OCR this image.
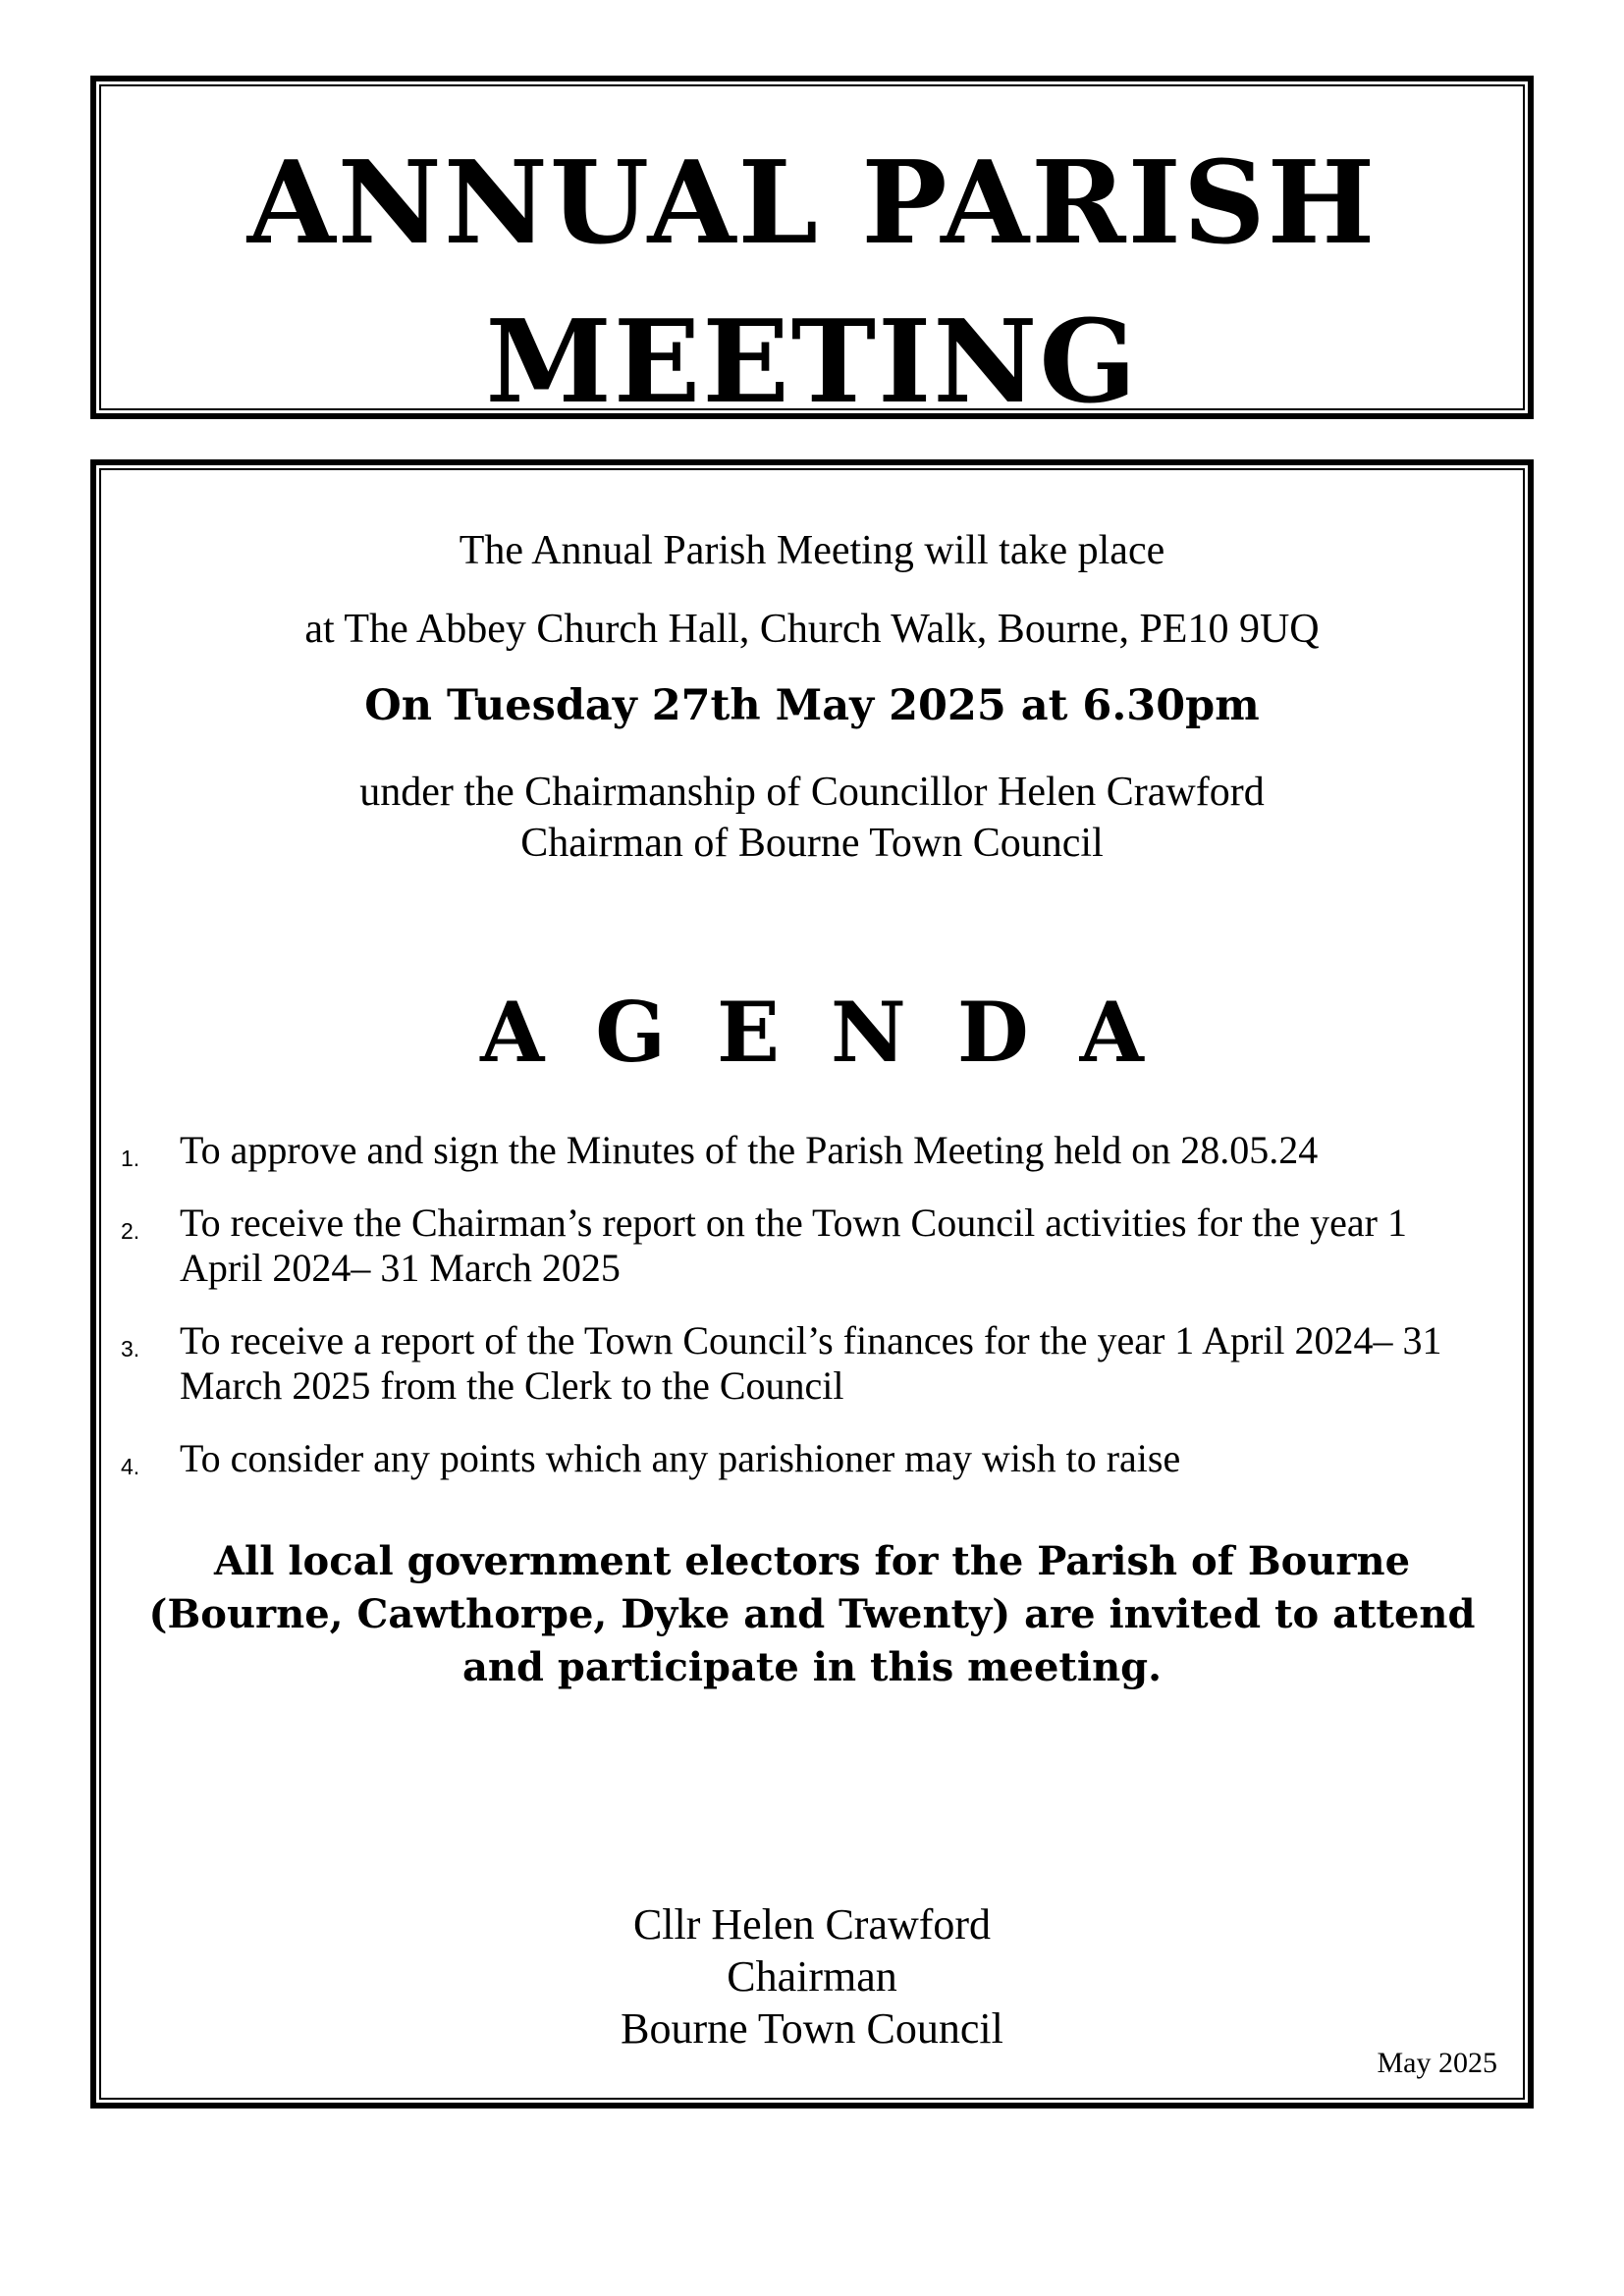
ANNUAL PARISH
MEETING
The Annual Parish Meeting will take place
at The Abbey Church Hall, Church Walk, Bourne, PE10 9UQ
On Tuesday 27th May 2025 at 6.30pm
under the Chairmanship of Councillor Helen Crawford
Chairman of Bourne Town Council
AGENDA
1. To approve and sign the Minutes of the Parish Meeting held on 28.05.24
2. To receive the Chairman’s report on the Town Council activities for the year 1 April 2024– 31 March 2025
3. To receive a report of the Town Council’s finances for the year 1 April 2024– 31 March 2025 from the Clerk to the Council
4. To consider any points which any parishioner may wish to raise
All local government electors for the Parish of Bourne
(Bourne, Cawthorpe, Dyke and Twenty) are invited to attend
and participate in this meeting.
Cllr Helen Crawford
Chairman
Bourne Town Council
May 2025
